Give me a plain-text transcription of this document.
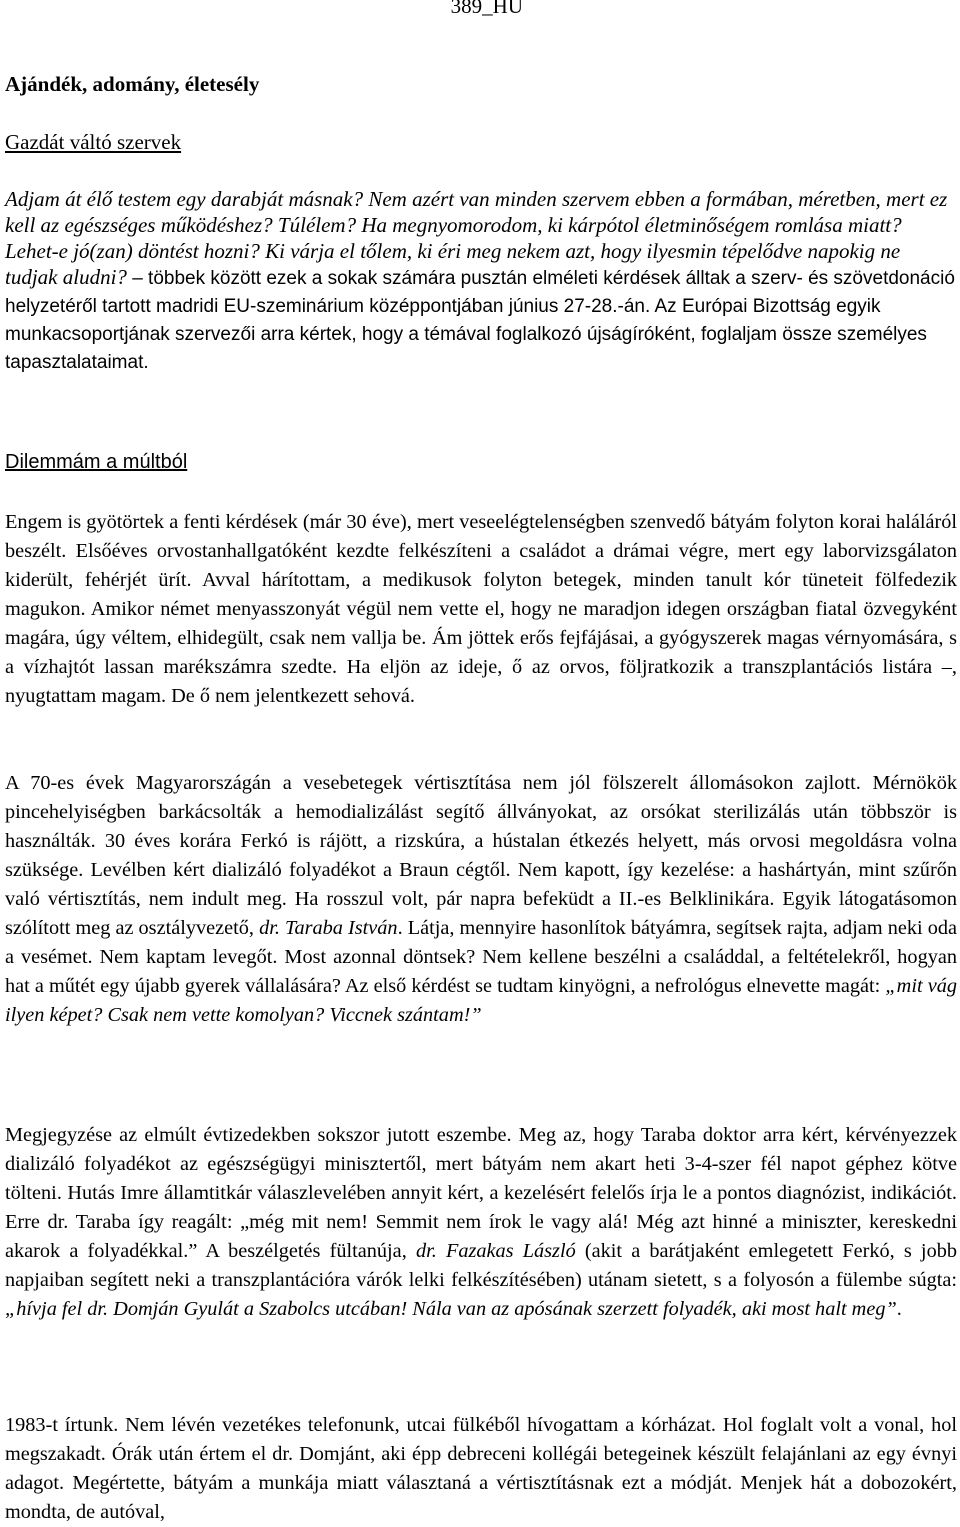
389_HU
Ajándék, adomány, életesély
Gazdát váltó szervek

Adjam át élő testem egy darabját másnak? Nem azért van minden szervem ebben a formában, méretben, mert ez kell az egészséges működéshez? Túlélem? Ha megnyomorodom, ki kárpótol életminőségem romlása miatt? Lehet-e jó(zan) döntést hozni? Ki várja el tőlem, ki éri meg nekem azt, hogy ilyesmin tépelődve napokig ne tudjak aludni? – többek között ezek a sokak számára pusztán elméleti kérdések álltak a szerv- és szövetdonáció helyzetéről tartott madridi EU-szeminárium középpontjában június 27-28.-án. Az Európai Bizottság egyik munkacsoportjának szervezői arra kértek, hogy a témával foglalkozó újságíróként, foglaljam össze személyes tapasztalataimat.

Dilemmám a múltból

Engem is gyötörtek a fenti kérdések (már 30 éve), mert veseelégtelenségben szenvedő bátyám folyton korai haláláról beszélt. Elsőéves orvostanhallgatóként kezdte felkészíteni a családot a drámai végre, mert egy laborvizsgálaton kiderült, fehérjét ürít. Avval hárítottam, a medikusok folyton betegek, minden tanult kór tüneteit fölfedezik magukon. Amikor német menyasszonyát végül nem vette el, hogy ne maradjon idegen országban fiatal özvegyként magára, úgy véltem, elhidegült, csak nem vallja be. Ám jöttek erős fejfájásai, a gyógyszerek magas vérnyomására, s a vízhajtót lassan marékszámra szedte. Ha eljön az ideje, ő az orvos, följratkozik a transzplantációs listára –, nyugtattam magam. De ő nem jelentkezett sehová.

A 70-es évek Magyarországán a vesebetegek vértisztítása nem jól fölszerelt állomásokon zajlott. Mérnökök pincehelyiségben barkácsolták a hemodializálást segítő állványokat, az orsókat sterilizálás után többször is használták. 30 éves korára Ferkó is rájött, a rizskúra, a hústalan étkezés helyett, más orvosi megoldásra volna szüksége. Levélben kért dializáló folyadékot a Braun cégtől. Nem kapott, így kezelése: a hashártyán, mint szűrőn való vértisztítás, nem indult meg. Ha rosszul volt, pár napra befeküdt a II.-es Belklinikára. Egyik látogatásomon szólított meg az osztályvezető, dr. Taraba István. Látja, mennyire hasonlítok bátyámra, segítsek rajta, adjam neki oda a vesémet. Nem kaptam levegőt. Most azonnal döntsek? Nem kellene beszélni a családdal, a feltételekről, hogyan hat a műtét egy újabb gyerek vállalására? Az első kérdést se tudtam kinyögni, a nefrológus elnevette magát: „mit vág ilyen képet? Csak nem vette komolyan? Viccnek szántam!”

Megjegyzése az elmúlt évtizedekben sokszor jutott eszembe. Meg az, hogy Taraba doktor arra kért, kérvényezzek dializáló folyadékot az egészségügyi minisztertől, mert bátyám nem akart heti 3-4-szer fél napot géphez kötve tölteni. Hutás Imre államtitkár válaszlevelében annyit kért, a kezelésért felelős írja le a pontos diagnózist, indikációt. Erre dr. Taraba így reagált: „még mit nem! Semmit nem írok le vagy alá! Még azt hinné a miniszter, kereskedni akarok a folyadékkal.” A beszélgetés fültanúja, dr. Fazakas László (akit a barátjaként emlegetett Ferkó, s jobb napjaiban segített neki a transzplantációra várók lelki felkészítésében) utánam sietett, s a folyosón a fülembe súgta: „hívja fel dr. Domján Gyulát a Szabolcs utcában! Nála van az apósának szerzett folyadék, aki most halt meg”.

1983-t írtunk. Nem lévén vezetékes telefonunk, utcai fülkéből hívogattam a kórházat. Hol foglalt volt a vonal, hol megszakadt. Órák után értem el dr. Domjánt, aki épp debreceni kollégái betegeinek készült felajánlani az egy évnyi adagot. Megértette, bátyám a munkája miatt választaná a vértisztításnak ezt a módját. Menjek hát a dobozokért, mondta, de autóval,
